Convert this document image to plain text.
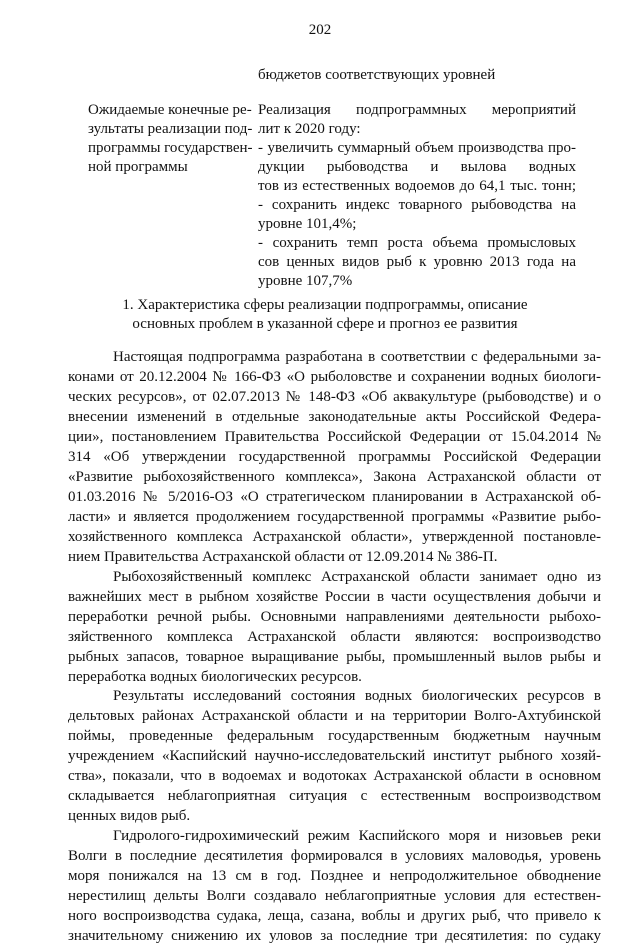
202
бюджетов соответствующих уровней
Ожидаемые конечные ре-
зультаты реализации под-
программы государствен-
ной программы
Реализация подпрограммных мероприятий
лит к 2020 году:
- увеличить суммарный объем производства про-
дукции рыбоводства и вылова водных
тов из естественных водоемов до 64,1 тыс. тонн;
- сохранить индекс товарного рыбоводства на
уровне 101,4%;
- сохранить темп роста объема промысловых
сов ценных видов рыб к уровню 2013 года на
уровне 107,7%
1. Характеристика сферы реализации подпрограммы, описание
основных проблем в указанной сфере и прогноз ее развития
Настоящая подпрограмма разработана в соответствии с федеральными за-
конами от 20.12.2004 № 166-ФЗ «О рыболовстве и сохранении водных биологи-
ческих ресурсов», от 02.07.2013 № 148-ФЗ «Об аквакультуре (рыбоводстве) и о
внесении изменений в отдельные законодательные акты Российской Федера-
ции», постановлением Правительства Российской Федерации от 15.04.2014 №
314 «Об утверждении государственной программы Российской Федерации
«Развитие рыбохозяйственного комплекса», Закона Астраханской области от
01.03.2016 № 5/2016-ОЗ «О стратегическом планировании в Астраханской об-
ласти» и является продолжением государственной программы «Развитие рыбо-
хозяйственного комплекса Астраханской области», утвержденной постановле-
нием Правительства Астраханской области от 12.09.2014 № 386-П.
Рыбохозяйственный комплекс Астраханской области занимает одно из
важнейших мест в рыбном хозяйстве России в части осуществления добычи и
переработки речной рыбы. Основными направлениями деятельности рыбохо-
зяйственного комплекса Астраханской области являются: воспроизводство
рыбных запасов, товарное выращивание рыбы, промышленный вылов рыбы и
переработка водных биологических ресурсов.
Результаты исследований состояния водных биологических ресурсов в
дельтовых районах Астраханской области и на территории Волго-Ахтубинской
поймы, проведенные федеральным государственным бюджетным научным
учреждением «Каспийский научно-исследовательский институт рыбного хозяй-
ства», показали, что в водоемах и водотоках Астраханской области в основном
складывается неблагоприятная ситуация с естественным воспроизводством
ценных видов рыб.
Гидролого-гидрохимический режим Каспийского моря и низовьев реки
Волги в последние десятилетия формировался в условиях маловодья, уровень
моря понижался на 13 см в год. Позднее и непродолжительное обводнение
нерестилищ дельты Волги создавало неблагоприятные условия для естествен-
ного воспроизводства судака, леща, сазана, воблы и других рыб, что привело к
значительному снижению их уловов за последние три десятилетия: по судаку
